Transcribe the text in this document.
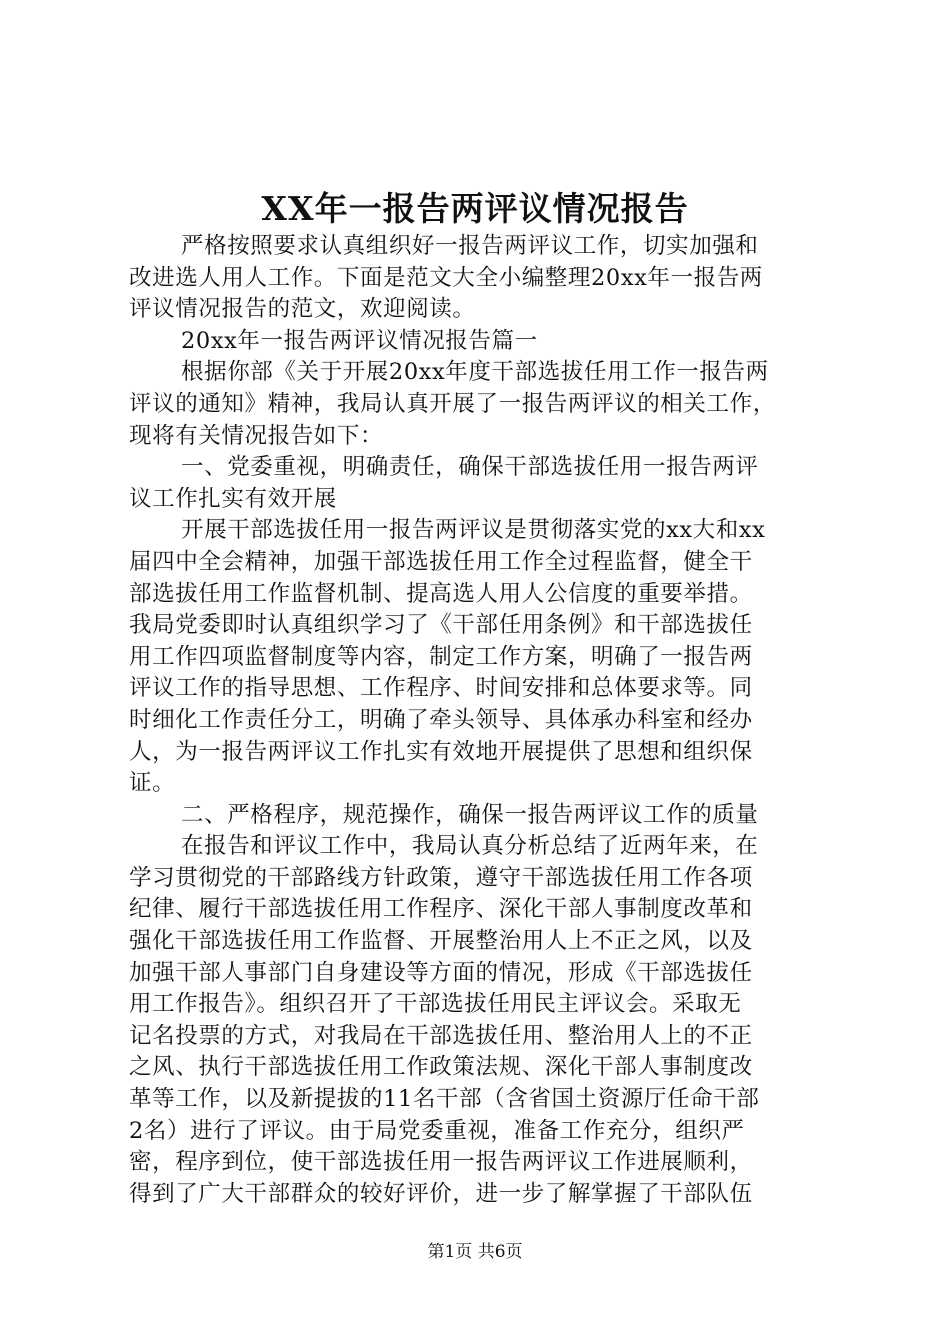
XX年一报告两评议情况报告
严格按照要求认真组织好一报告两评议工作，切实加强和
改进选人用人工作。下面是范文大全小编整理20xx年一报告两
评议情况报告的范文，欢迎阅读。
20xx年一报告两评议情况报告篇一
根据你部《关于开展20xx年度干部选拔任用工作一报告两
评议的通知》精神，我局认真开展了一报告两评议的相关工作，
现将有关情况报告如下：
一、党委重视，明确责任，确保干部选拔任用一报告两评
议工作扎实有效开展
开展干部选拔任用一报告两评议是贯彻落实党的xx大和xx
届四中全会精神，加强干部选拔任用工作全过程监督，健全干
部选拔任用工作监督机制、提高选人用人公信度的重要举措。
我局党委即时认真组织学习了《干部任用条例》和干部选拔任
用工作四项监督制度等内容，制定工作方案，明确了一报告两
评议工作的指导思想、工作程序、时间安排和总体要求等。同
时细化工作责任分工，明确了牵头领导、具体承办科室和经办
人，为一报告两评议工作扎实有效地开展提供了思想和组织保
证。
二、严格程序，规范操作，确保一报告两评议工作的质量
在报告和评议工作中，我局认真分析总结了近两年来，在
学习贯彻党的干部路线方针政策，遵守干部选拔任用工作各项
纪律、履行干部选拔任用工作程序、深化干部人事制度改革和
强化干部选拔任用工作监督、开展整治用人上不正之风，以及
加强干部人事部门自身建设等方面的情况，形成《干部选拔任
用工作报告》。组织召开了干部选拔任用民主评议会。采取无
记名投票的方式，对我局在干部选拔任用、整治用人上的不正
之风、执行干部选拔任用工作政策法规、深化干部人事制度改
革等工作，以及新提拔的11名干部（含省国土资源厅任命干部
2名）进行了评议。由于局党委重视，准备工作充分，组织严
密，程序到位，使干部选拔任用一报告两评议工作进展顺利，
得到了广大干部群众的较好评价，进一步了解掌握了干部队伍
第1页 共6页
